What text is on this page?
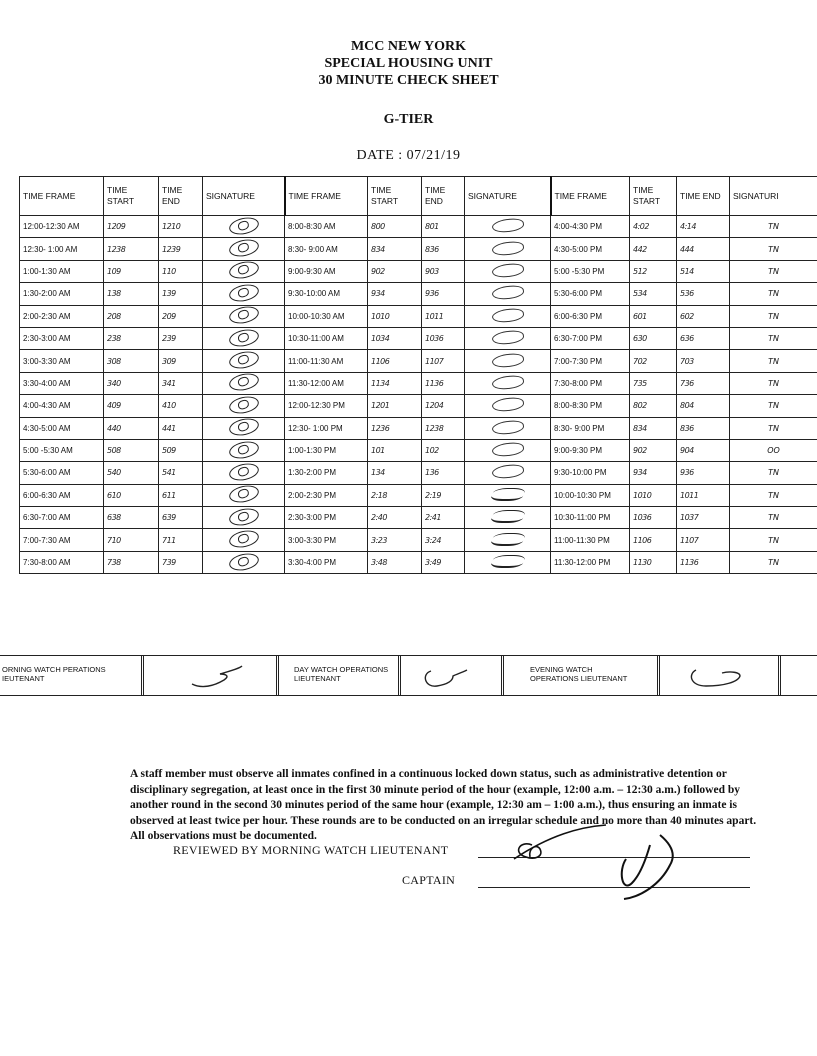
MCC NEW YORK
SPECIAL HOUSING UNIT
30 MINUTE CHECK SHEET
G-TIER
DATE : 07/21/19
TIME FRAME	TIME START	TIME END	SIGNATURE	TIME FRAME	TIME START	TIME END	SIGNATURE	TIME FRAME	TIME START	TIME END	SIGNATURI
12:00-12:30 AM	1209	1210		8:00-8:30 AM	800	801		4:00-4:30 PM	4:02	4:14	TN
12:30- 1:00 AM	1238	1239		8:30- 9:00 AM	834	836		4:30-5:00 PM	442	444	TN
1:00-1:30 AM	109	110		9:00-9:30 AM	902	903		5:00 -5:30 PM	512	514	TN
1:30-2:00 AM	138	139		9:30-10:00 AM	934	936		5:30-6:00 PM	534	536	TN
2:00-2:30 AM	208	209		10:00-10:30 AM	1010	1011		6:00-6:30 PM	601	602	TN
2:30-3:00 AM	238	239		10:30-11:00 AM	1034	1036		6:30-7:00 PM	630	636	TN
3:00-3:30 AM	308	309		11:00-11:30 AM	1106	1107		7:00-7:30 PM	702	703	TN
3:30-4:00 AM	340	341		11:30-12:00 AM	1134	1136		7:30-8:00 PM	735	736	TN
4:00-4:30 AM	409	410		12:00-12:30 PM	1201	1204		8:00-8:30 PM	802	804	TN
4:30-5:00 AM	440	441		12:30- 1:00 PM	1236	1238		8:30- 9:00 PM	834	836	TN
5:00 -5:30 AM	508	509		1:00-1:30 PM	101	102		9:00-9:30 PM	902	904	OO
5:30-6:00 AM	540	541		1:30-2:00 PM	134	136		9:30-10:00 PM	934	936	TN
6:00-6:30 AM	610	611		2:00-2:30 PM	2:18	2:19		10:00-10:30 PM	1010	1011	TN
6:30-7:00 AM	638	639		2:30-3:00 PM	2:40	2:41		10:30-11:00 PM	1036	1037	TN
7:00-7:30 AM	710	711		3:00-3:30 PM	3:23	3:24		11:00-11:30 PM	1106	1107	TN
7:30-8:00 AM	738	739		3:30-4:00 PM	3:48	3:49		11:30-12:00 PM	1130	1136	TN
ORNING WATCH PERATIONS IEUTENANT
DAY WATCH OPERATIONS LIEUTENANT
EVENING WATCH OPERATIONS LIEUTENANT
A staff member must observe all inmates confined in a continuous locked down status, such as administrative detention or disciplinary segregation, at least once in the first 30 minute period of the hour (example, 12:00 a.m. – 12:30 a.m.) followed by another round in the second 30 minutes period of the same hour (example, 12:30 am – 1:00 a.m.), thus ensuring an inmate is observed at least twice per hour. These rounds are to be conducted on an irregular schedule and no more than 40 minutes apart. All observations must be documented.
REVIEWED BY MORNING WATCH LIEUTENANT
CAPTAIN
